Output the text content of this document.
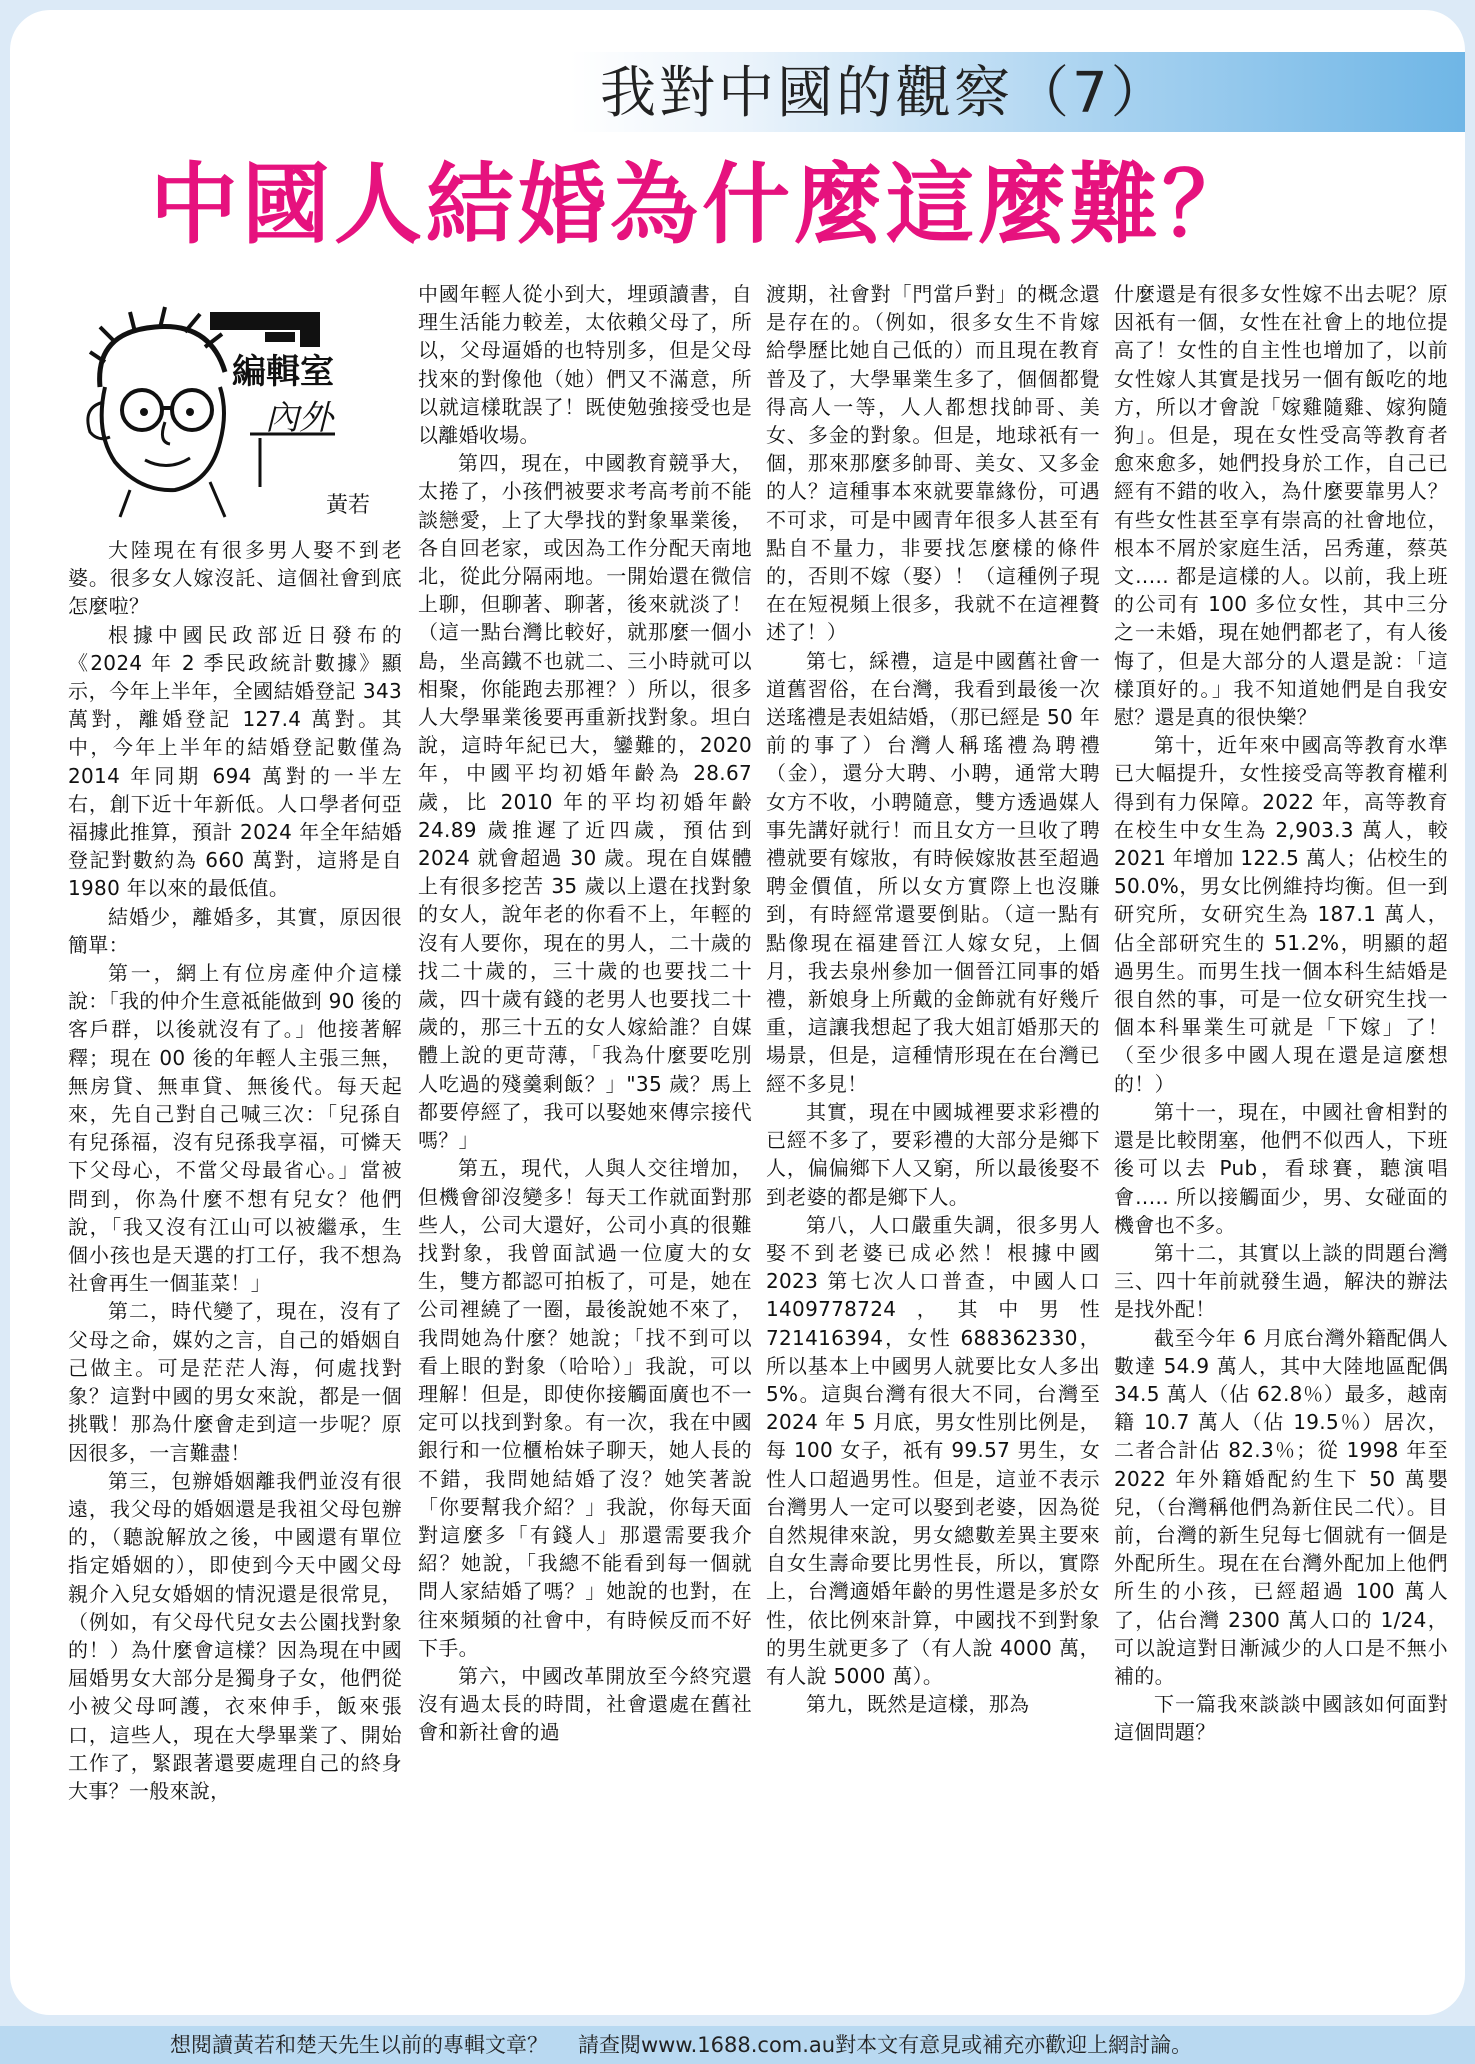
我對中國的觀察（7）
中國人結婚為什麼這麼難？
編輯室
內外
黃若

大陸現在有很多男人娶不到老婆。很多女人嫁沒託、這個社會到底怎麼啦？

根據中國民政部近日發布的《2024 年 2 季民政統計數據》顯示，今年上半年，全國結婚登記 343 萬對，離婚登記 127.4 萬對。其中，今年上半年的結婚登記數僅為 2014 年同期 694 萬對的一半左右，創下近十年新低。人口學者何亞福據此推算，預計 2024 年全年結婚登記對數約為 660 萬對，這將是自 1980 年以來的最低值。

結婚少，離婚多，其實，原因很簡單：

第一，網上有位房產仲介這樣說：「我的仲介生意祗能做到 90 後的客戶群，以後就沒有了。」他接著解釋；現在 00 後的年輕人主張三無，無房貸、無車貸、無後代。每天起來，先自己對自己喊三次：「兒孫自有兒孫福，沒有兒孫我享福，可憐天下父母心，不當父母最省心。」當被問到，你為什麼不想有兒女？他們說，「我又沒有江山可以被繼承，生個小孩也是天選的打工仔，我不想為社會再生一個韮菜！」

第二，時代變了，現在，沒有了父母之命，媒妁之言，自己的婚姻自己做主。可是茫茫人海，何處找對象？這對中國的男女來說，都是一個挑戰！那為什麼會走到這一步呢？原因很多，一言難盡！

第三，包辦婚姻離我們並沒有很遠，我父母的婚姻還是我祖父母包辦的，（聽說解放之後，中國還有單位指定婚姻的），即使到今天中國父母親介入兒女婚姻的情況還是很常見，（例如，有父母代兒女去公園找對象的！）為什麼會這樣？因為現在中國屆婚男女大部分是獨身子女，他們從小被父母呵護，衣來伸手，飯來張口，這些人，現在大學畢業了、開始工作了，緊跟著還要處理自己的終身大事？一般來說，

中國年輕人從小到大，埋頭讀書，自理生活能力較差，太依賴父母了，所以，父母逼婚的也特別多，但是父母找來的對像他（她）們又不滿意，所以就這樣耽誤了！既使勉強接受也是以離婚收場。

第四，現在，中國教育競爭大，太捲了，小孩們被要求考高考前不能談戀愛，上了大學找的對象畢業後，各自回老家，或因為工作分配天南地北，從此分隔兩地。一開始還在微信上聊，但聊著、聊著，後來就淡了！（這一點台灣比較好，就那麼一個小島，坐高鐵不也就二、三小時就可以相聚，你能跑去那裡？）所以，很多人大學畢業後要再重新找對象。坦白說，這時年紀已大，鑾難的，2020 年，中國平均初婚年齡為 28.67 歲，比 2010 年的平均初婚年齡 24.89 歲推遲了近四歲，預估到 2024 就會超過 30 歲。現在自媒體上有很多挖苦 35 歲以上還在找對象的女人，說年老的你看不上，年輕的沒有人要你，現在的男人，二十歲的找二十歲的，三十歲的也要找二十歲，四十歲有錢的老男人也要找二十歲的，那三十五的女人嫁給誰？自媒體上說的更苛薄，「我為什麼要吃別人吃過的殘羹剩飯？」"35 歲？馬上都要停經了，我可以娶她來傳宗接代嗎？」

第五，現代，人與人交往增加，但機會卻沒變多！每天工作就面對那些人，公司大還好，公司小真的很難找對象，我曾面試過一位廈大的女生，雙方都認可拍板了，可是，她在公司裡繞了一圈，最後說她不來了，我問她為什麼？她說；「找不到可以看上眼的對象（哈哈）」我說，可以理解！但是，即使你接觸面廣也不一定可以找到對象。有一次，我在中國銀行和一位櫃枱妹子聊天，她人長的不錯，我問她結婚了沒？她笑著說「你要幫我介紹？」我說，你每天面對這麼多「有錢人」那還需要我介紹？她說，「我總不能看到每一個就問人家結婚了嗎？」她說的也對，在往來頻頻的社會中，有時候反而不好下手。

第六，中國改革開放至今終究還沒有過太長的時間，社會還處在舊社會和新社會的過

渡期，社會對「門當戶對」的概念還是存在的。（例如，很多女生不肯嫁給學歷比她自己低的）而且現在教育普及了，大學畢業生多了，個個都覺得高人一等，人人都想找帥哥、美女、多金的對象。但是，地球祇有一個，那來那麼多帥哥、美女、又多金的人？這種事本來就要靠緣份，可遇不可求，可是中國青年很多人甚至有點自不量力，非要找怎麼樣的條件的，否則不嫁（娶）！（這種例子現在在短視頻上很多，我就不在這裡贅述了！）

第七，綵禮，這是中國舊社會一道舊習俗，在台灣，我看到最後一次送瑤禮是表姐結婚，（那已經是 50 年前的事了）台灣人稱瑤禮為聘禮（金），還分大聘、小聘，通常大聘女方不收，小聘隨意，雙方透過媒人事先講好就行！而且女方一旦收了聘禮就要有嫁妝，有時候嫁妝甚至超過聘金價值，所以女方實際上也沒賺到，有時經常還要倒貼。（這一點有點像現在福建晉江人嫁女兒，上個月，我去泉州參加一個晉江同事的婚禮，新娘身上所戴的金飾就有好幾斤重，這讓我想起了我大姐訂婚那天的場景，但是，這種情形現在在台灣已經不多見！

其實，現在中國城裡要求彩禮的已經不多了，要彩禮的大部分是鄉下人，偏偏鄉下人又窮，所以最後娶不到老婆的都是鄉下人。

第八，人口嚴重失調，很多男人娶不到老婆已成必然！根據中國 2023 第七次人口普查，中國人口 1409778724，其中男性 721416394，女性 688362330，所以基本上中國男人就要比女人多出 5%。這與台灣有很大不同，台灣至 2024 年 5 月底，男女性別比例是，每 100 女子，祇有 99.57 男生，女性人口超過男性。但是，這並不表示台灣男人一定可以娶到老婆，因為從自然規律來說，男女總數差異主要來自女生壽命要比男性長，所以，實際上，台灣適婚年齡的男性還是多於女性，依比例來計算，中國找不到對象的男生就更多了（有人說 4000 萬，有人說 5000 萬）。

第九，既然是這樣，那為

什麼還是有很多女性嫁不出去呢？原因祇有一個，女性在社會上的地位提高了！女性的自主性也增加了，以前女性嫁人其實是找另一個有飯吃的地方，所以才會說「嫁雞隨雞、嫁狗隨狗」。但是，現在女性受高等教育者愈來愈多，她們投身於工作，自己已經有不錯的收入，為什麼要靠男人？有些女性甚至享有崇高的社會地位，根本不屑於家庭生活，呂秀蓮，蔡英文‥‥. 都是這樣的人。以前，我上班的公司有 100 多位女性，其中三分之一未婚，現在她們都老了，有人後悔了，但是大部分的人還是說：「這樣頂好的。」我不知道她們是自我安慰？還是真的很快樂？

第十，近年來中國高等教育水準已大幅提升，女性接受高等教育權利得到有力保障。2022 年，高等教育在校生中女生為 2,903.3 萬人，較 2021 年增加 122.5 萬人；佔校生的 50.0%，男女比例維持均衡。但一到研究所，女研究生為 187.1 萬人，佔全部研究生的 51.2%，明顯的超過男生。而男生找一個本科生結婚是很自然的事，可是一位女研究生找一個本科畢業生可就是「下嫁」了！（至少很多中國人現在還是這麼想的！）

第十一，現在，中國社會相對的還是比較閉塞，他們不似西人，下班後可以去 Pub，看球賽，聽演唱會‥‥. 所以接觸面少，男、女碰面的機會也不多。

第十二，其實以上談的問題台灣三、四十年前就發生過，解決的辦法是找外配！

截至今年 6 月底台灣外籍配偶人數達 54.9 萬人，其中大陸地區配偶 34.5 萬人（佔 62.8％）最多，越南籍 10.7 萬人（佔 19.5％）居次，二者合計佔 82.3％；從 1998 年至 2022 年外籍婚配約生下 50 萬嬰兒，（台灣稱他們為新住民二代）。目前，台灣的新生兒每七個就有一個是外配所生。現在在台灣外配加上他們所生的小孩，已經超過 100 萬人了，佔台灣 2300 萬人口的 1/24，可以說這對日漸減少的人口是不無小補的。

下一篇我來談談中國該如何面對這個問題？

想閱讀黃若和楚天先生以前的專輯文章？ 請查閱www.1688.com.au對本文有意見或補充亦歡迎上網討論。
